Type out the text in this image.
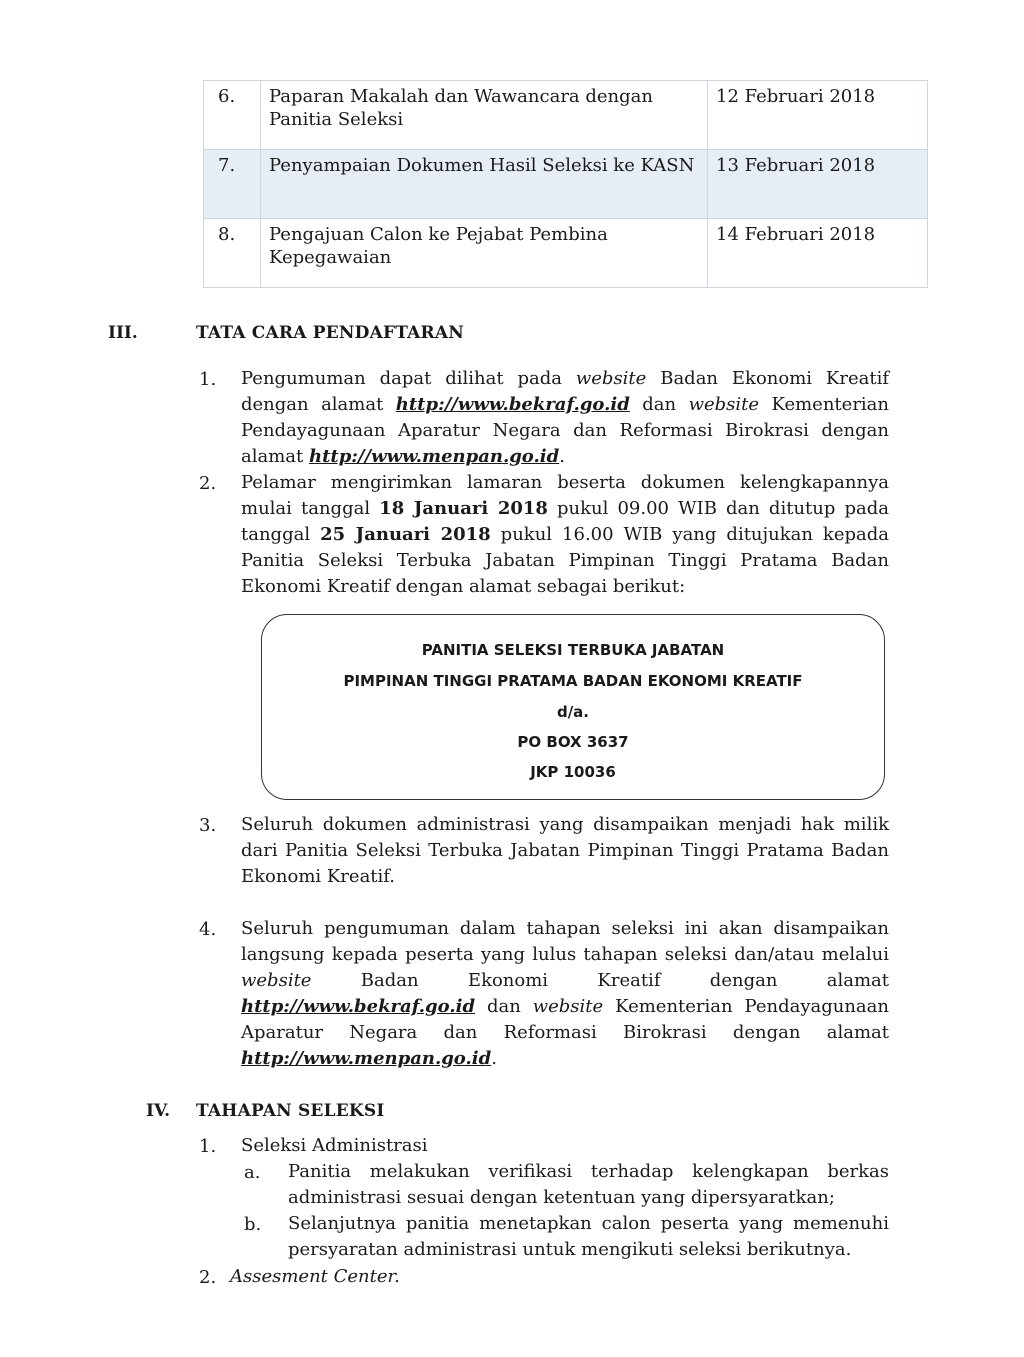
6.	Paparan Makalah dan Wawancara dengan Panitia Seleksi	12 Februari 2018
7.	Penyampaian Dokumen Hasil Seleksi ke KASN	13 Februari 2018
8.	Pengajuan Calon ke Pejabat Pembina Kepegawaian	14 Februari 2018
III.	TATA CARA PENDAFTARAN
1. Pengumuman dapat dilihat pada website Badan Ekonomi Kreatif dengan alamat http://www.bekraf.go.id dan website Kementerian Pendayagunaan Aparatur Negara dan Reformasi Birokrasi dengan alamat http://www.menpan.go.id.
2. Pelamar mengirimkan lamaran beserta dokumen kelengkapannya mulai tanggal 18 Januari 2018 pukul 09.00 WIB dan ditutup pada tanggal 25 Januari 2018 pukul 16.00 WIB yang ditujukan kepada Panitia Seleksi Terbuka Jabatan Pimpinan Tinggi Pratama Badan Ekonomi Kreatif dengan alamat sebagai berikut:
PANITIA SELEKSI TERBUKA JABATAN
PIMPINAN TINGGI PRATAMA BADAN EKONOMI KREATIF
d/a.
PO BOX 3637
JKP 10036
3. Seluruh dokumen administrasi yang disampaikan menjadi hak milik dari Panitia Seleksi Terbuka Jabatan Pimpinan Tinggi Pratama Badan Ekonomi Kreatif.
4. Seluruh pengumuman dalam tahapan seleksi ini akan disampaikan langsung kepada peserta yang lulus tahapan seleksi dan/atau melalui website Badan Ekonomi Kreatif dengan alamat http://www.bekraf.go.id dan website Kementerian Pendayagunaan Aparatur Negara dan Reformasi Birokrasi dengan alamat http://www.menpan.go.id.
IV. TAHAPAN SELEKSI
1. Seleksi Administrasi
a. Panitia melakukan verifikasi terhadap kelengkapan berkas administrasi sesuai dengan ketentuan yang dipersyaratkan;
b. Selanjutnya panitia menetapkan calon peserta yang memenuhi persyaratan administrasi untuk mengikuti seleksi berikutnya.
2. Assesment Center.
